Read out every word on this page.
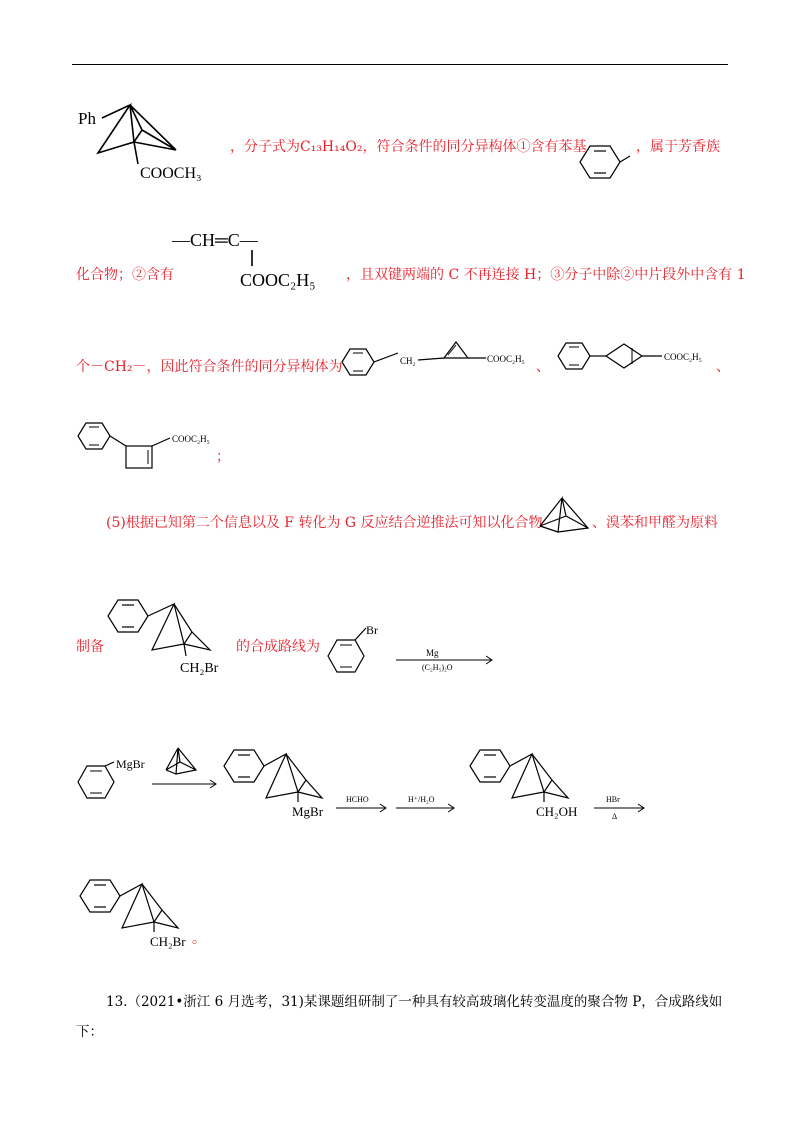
Ph
COOCH₃
，分子式为C₁₃H₁₄O₂，符合条件的同分异构体①含有苯基	，属于芳香族
化合物；②含有
—CH═C—
COOC₂H₅ ，且双键两端的 C 不再连接 H；③分子中除②中片段外中含有 1
个－CH₂－，因此符合条件的同分异构体为	CH₂	COOC₂H₅ 、
COOC₂H₅
、
COOC₂H₅
；
(5)根据已知第二个信息以及 F 转化为 G 反应结合逆推法可知以化合物	、溴苯和甲醛为原料
制备
CH₂Br
的合成路线为
Br
Mg
(C₂H₅)₂O
MgBr
MgBr
HCHO	H⁺/H₂O
CH₂OH
HBr
Δ
CH₂Br 。
13.（2021•浙江 6 月选考，31)某课题组研制了一种具有较高玻璃化转变温度的聚合物 P，合成路线如
下：
